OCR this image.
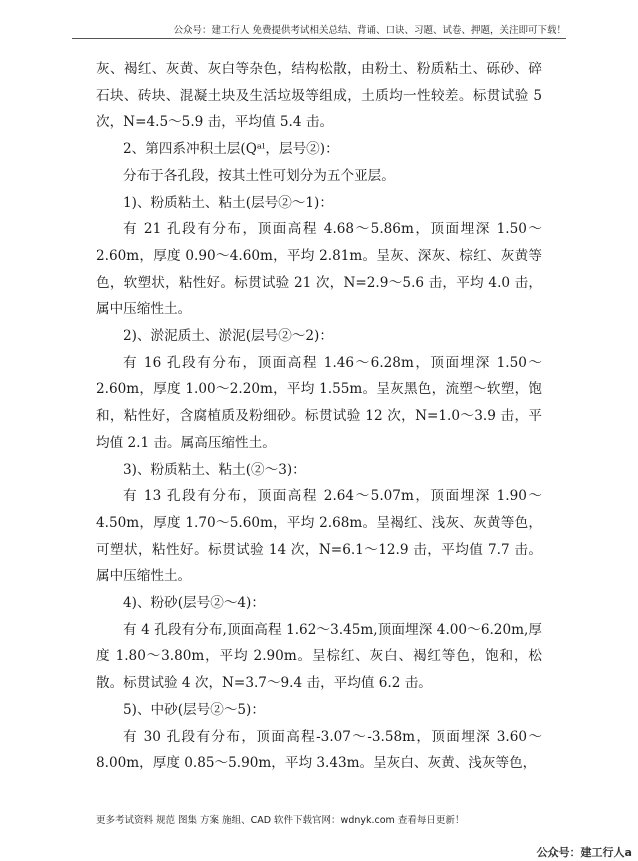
公众号：建工行人 免费提供考试相关总结、背诵、口诀、习题、试卷、押题，关注即可下载！

灰、褐红、灰黄、灰白等杂色，结构松散，由粉土、粉质粘土、砾砂、碎石块、砖块、混凝土块及生活垃圾等组成，土质均一性较差。标贯试验 5 次，N=4.5～5.9 击，平均值 5.4 击。

2、第四系冲积土层(Qᵃˡ，层号②)：

分布于各孔段，按其土性可划分为五个亚层。

1)、粉质粘土、粘土(层号②～1)：

有 21 孔段有分布，顶面高程 4.68～5.86m，顶面埋深 1.50～2.60m，厚度 0.90～4.60m，平均 2.81m。呈灰、深灰、棕红、灰黄等色，软塑状，粘性好。标贯试验 21 次，N=2.9～5.6 击，平均 4.0 击，属中压缩性土。

2)、淤泥质土、淤泥(层号②～2)：

有 16 孔段有分布，顶面高程 1.46～6.28m，顶面埋深 1.50～2.60m，厚度 1.00～2.20m，平均 1.55m。呈灰黑色，流塑～软塑，饱和，粘性好，含腐植质及粉细砂。标贯试验 12 次，N=1.0～3.9 击，平均值 2.1 击。属高压缩性土。

3)、粉质粘土、粘土(②～3)：

有 13 孔段有分布，顶面高程 2.64～5.07m，顶面埋深 1.90～4.50m，厚度 1.70～5.60m，平均 2.68m。呈褐红、浅灰、灰黄等色，可塑状，粘性好。标贯试验 14 次，N=6.1～12.9 击，平均值 7.7 击。属中压缩性土。

4)、粉砂(层号②～4)：

有 4 孔段有分布,顶面高程 1.62～3.45m,顶面埋深 4.00～6.20m,厚度 1.80～3.80m，平均 2.90m。呈棕红、灰白、褐红等色，饱和，松散。标贯试验 4 次，N=3.7～9.4 击，平均值 6.2 击。

5)、中砂(层号②～5)：

有 30 孔段有分布，顶面高程-3.07～-3.58m，顶面埋深 3.60～8.00m，厚度 0.85～5.90m，平均 3.43m。呈灰白、灰黄、浅灰等色，

更多考试资料 规范 图集 方案 施组、CAD 软件下载官网：wdnyk.com 查看每日更新！
公众号：建工行人a
